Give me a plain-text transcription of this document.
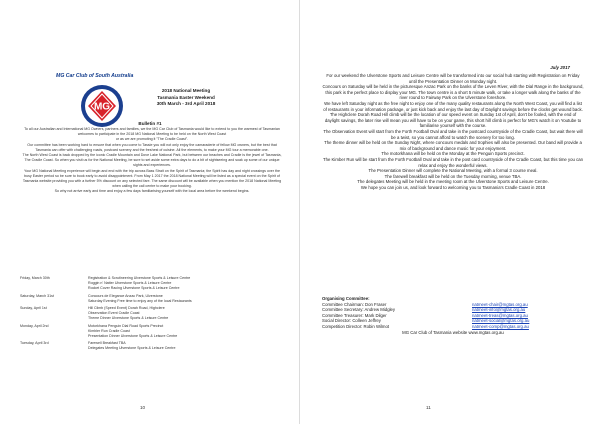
MG Car Club of South Australia
MG
2018 National Meeting
Tasmania Easter Weekend
30th March - 3rd April 2018
Bulletin #1

To all our Australian and International MG Owners, partners and families, we the MG Car Club of Tasmania would like to extend to you the warmest of Tasmanian welcomes to participate in the 2018 MG National Meeting to be held on the North West Coast

or as we are promoting it "The Cradle Coast".

Our committee has been working hard to ensure that when you come to Tassie you will not only enjoy the camaraderie of fellow MG owners, but the best that Tasmania can offer with challenging roads, postcard scenery and the freshest of cuisine. All the elements, to make your MG tour a memorable one.

The North West Coast is back dropped by the iconic Cradle Mountain and Dove Lake National Park, but between our beaches and Cradle is the jewel of Tasmania, The Cradle Coast. So when you visit us for the National Meeting, be sure to set aside some extra days to do a bit of sightseeing and soak up some of our unique sights and experiences.

Your MG National Meeting experience will begin and end with the trip across Bass Strait on the Spirit of Tasmania; the Spirit has day and night crossings over the busy Easter period so be sure to book early to avoid disappointment. From May 1 2017 the 2018 National Meeting will be listed as a special event on the Spirit of Tasmania website providing you with a further 5% discount on any selected fare. The same discount will be available when you mention the 2018 National Meeting when calling the call centre to make your booking.

So why not arrive early and time and enjoy a few days familiarising yourself with the local area before the weekend begins.

Friday, March 30th	Registration & Scrutineering Ulverstone Sports & Leisure Centre
Roggin n' Natter Ulverstone Sports & Leisure Centre
Rocket Cover Racing Ulverstone Sports & Leisure Centre
Saturday, March 31st	Concours de Elegance Anzac Park, Ulverstone
Saturday Evening Free time to enjoy any of the local Restaurants
Sunday, April 1st	Hill Climb (Speed Event) Dorah Road, Highclere
Observation Event Cradle Coast
Theme Dinner Ulverstone Sports & Leisure Centre
Monday, April 2nd	Motorkhana Penguin Dial Road Sports Precinct
Kimbler Run Cradle Coast
Presentation Dinner Ulverstone Sports & Leisure Centre
Tuesday, April 3rd	Farewell Breakfast TBA
Delegates Meeting Ulverstone Sports & Leisure Centre
10
July 2017

For our weekend the Ulverstone Sports and Leisure Centre will be transformed into our social hub starting with Registration on Friday until the Presentation Dinner on Monday night.

Concours on Saturday will be held in the picturesque Anzac Park on the banks of the Leven River, with the Dial Range in the background, this park is the perfect place to display your MG. The town centre is a short 5 minute walk, or take a longer walk along the banks of the river round to Fairway Park on the Ulverstone foreshore.

We have left Saturday night as the free night to enjoy one of the many quality restaurants along the North West Coast, you will find a list of restaurants in your information package, or just kick back and enjoy the last day of Daylight savings before the clocks get wound back.

The Highclere Dorah Road Hill climb will be the location of our speed event on Sunday 1st of April, don't be fooled, with the end of daylight savings, the later rise will mean you will have to be on your game, this short hill climb is perfect for MG's watch it on Youtube to familiarise yourself with the course.

The Observation Event will start from the Forth Football Oval and take in the postcard countryside of the Cradle Coast, but wait there will be a twist, so you cannot afford to watch the scenery for too long.

The theme dinner will be held on the Sunday Night, where concours medals and trophies will also be presented. Our band will provide a mix of background and dance music for your enjoyment.

The motorkhana will be held on the Monday at the Penguin Sports precinct.

The Kimber Run will be start from the Forth Football Oval and take in the post card countryside of the Cradle Coast, but this time you can relax and enjoy the wonderful views.

The Presentation Dinner will complete the National Meeting, with a formal 3 course meal.

The farewell breakfast will be held on the Tuesday morning, venue TBA.

The delegates Meeting will be held in the meeting room at the Ulverstone Sports and Leisure Centre.

We hope you can join us, and look forward to welcoming you to Tasmania's Cradle Coast in 2018

Organising Committee:
Committee Chairman: Don Fraser	natmeet-chair@mgtas.org.au
Committee Secretary: Andrew Midgley	natmeet-info@mgtas.org.au
Committee Treasurer: Mark Dilger	natmeet-treas@mgtas.org.au
Social Director: Colleen Jeffrey	natmeet-social@mgtas.org.au
Competition Director: Robin Wilmot	natmeet-comp@mgtas.org.au
MG Car Club of Tasmania website www.mgtas.org.au
11
